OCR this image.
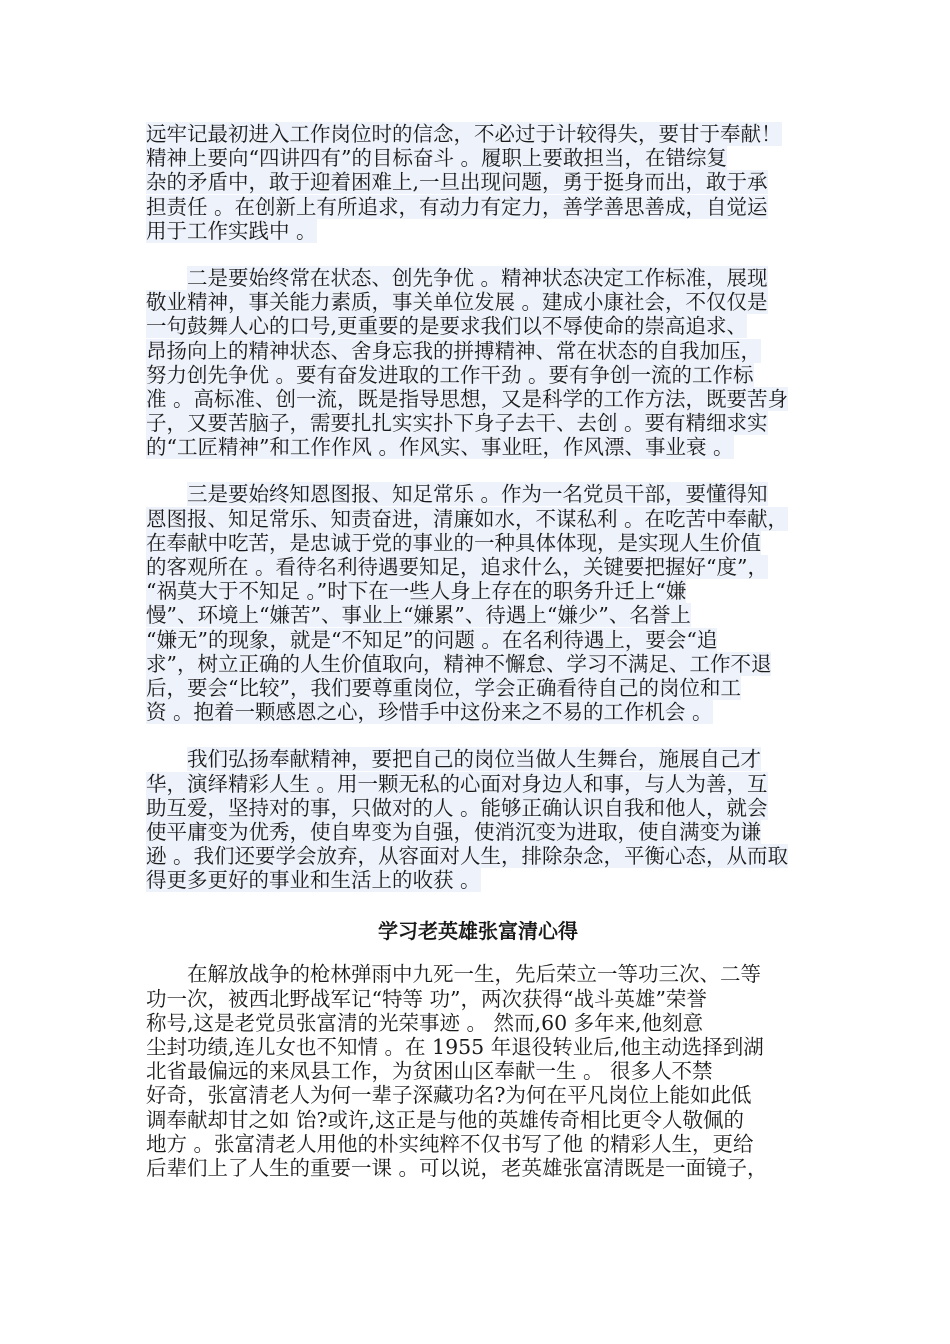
远牢记最初进入工作岗位时的信念，不必过于计较得失，要甘于奉献！
精神上要向“四讲四有”的目标奋斗 。履职上要敢担当，在错综复
杂的矛盾中，敢于迎着困难上,一旦出现问题，勇于挺身而出，敢于承
担责任 。在创新上有所追求，有动力有定力，善学善思善成，自觉运
用于工作实践中 。
二是要始终常在状态、创先争优 。精神状态决定工作标准，展现
敬业精神，事关能力素质，事关单位发展 。建成小康社会，不仅仅是
一句鼓舞人心的口号,更重要的是要求我们以不辱使命的崇高追求、
昂扬向上的精神状态、舍身忘我的拼搏精神、常在状态的自我加压，
努力创先争优 。要有奋发进取的工作干劲 。要有争创一流的工作标
准 。高标准、创一流，既是指导思想，又是科学的工作方法，既要苦身
子，又要苦脑子，需要扎扎实实扑下身子去干、去创 。要有精细求实
的“工匠精神”和工作作风 。作风实、事业旺，作风漂、事业衰 。
三是要始终知恩图报、知足常乐 。作为一名党员干部，要懂得知
恩图报、知足常乐、知责奋进，清廉如水，不谋私利 。在吃苦中奉献，
在奉献中吃苦，是忠诚于党的事业的一种具体体现，是实现人生价值
的客观所在 。看待名利待遇要知足，追求什么，关键要把握好“度”，
“祸莫大于不知足 。”时下在一些人身上存在的职务升迁上“嫌
慢”、环境上“嫌苦”、事业上“嫌累”、待遇上“嫌少”、名誉上
“嫌无”的现象，就是“不知足”的问题 。在名利待遇上，要会“追
求”，树立正确的人生价值取向，精神不懈怠、学习不满足、工作不退
后，要会“比较”，我们要尊重岗位，学会正确看待自己的岗位和工
资 。抱着一颗感恩之心，珍惜手中这份来之不易的工作机会 。
我们弘扬奉献精神，要把自己的岗位当做人生舞台，施展自己才
华，演绎精彩人生 。用一颗无私的心面对身边人和事，与人为善，互
助互爱，坚持对的事，只做对的人 。能够正确认识自我和他人，就会
使平庸变为优秀，使自卑变为自强，使消沉变为进取，使自满变为谦
逊 。我们还要学会放弃，从容面对人生，排除杂念，平衡心态，从而取
得更多更好的事业和生活上的收获 。
学习老英雄张富清心得
在解放战争的枪林弹雨中九死一生，先后荣立一等功三次、二等
功一次，被西北野战军记“特等 功”，两次获得“战斗英雄”荣誉
称号,这是老党员张富清的光荣事迹 。 然而,60 多年来,他刻意
尘封功绩,连儿女也不知情 。在 1955 年退役转业后,他主动选择到湖
北省最偏远的来凤县工作，为贫困山区奉献一生 。 很多人不禁
好奇，张富清老人为何一辈子深藏功名?为何在平凡岗位上能如此低
调奉献却甘之如 饴?或许,这正是与他的英雄传奇相比更令人敬佩的
地方 。张富清老人用他的朴实纯粹不仅书写了他 的精彩人生，更给
后辈们上了人生的重要一课 。可以说，老英雄张富清既是一面镜子，
